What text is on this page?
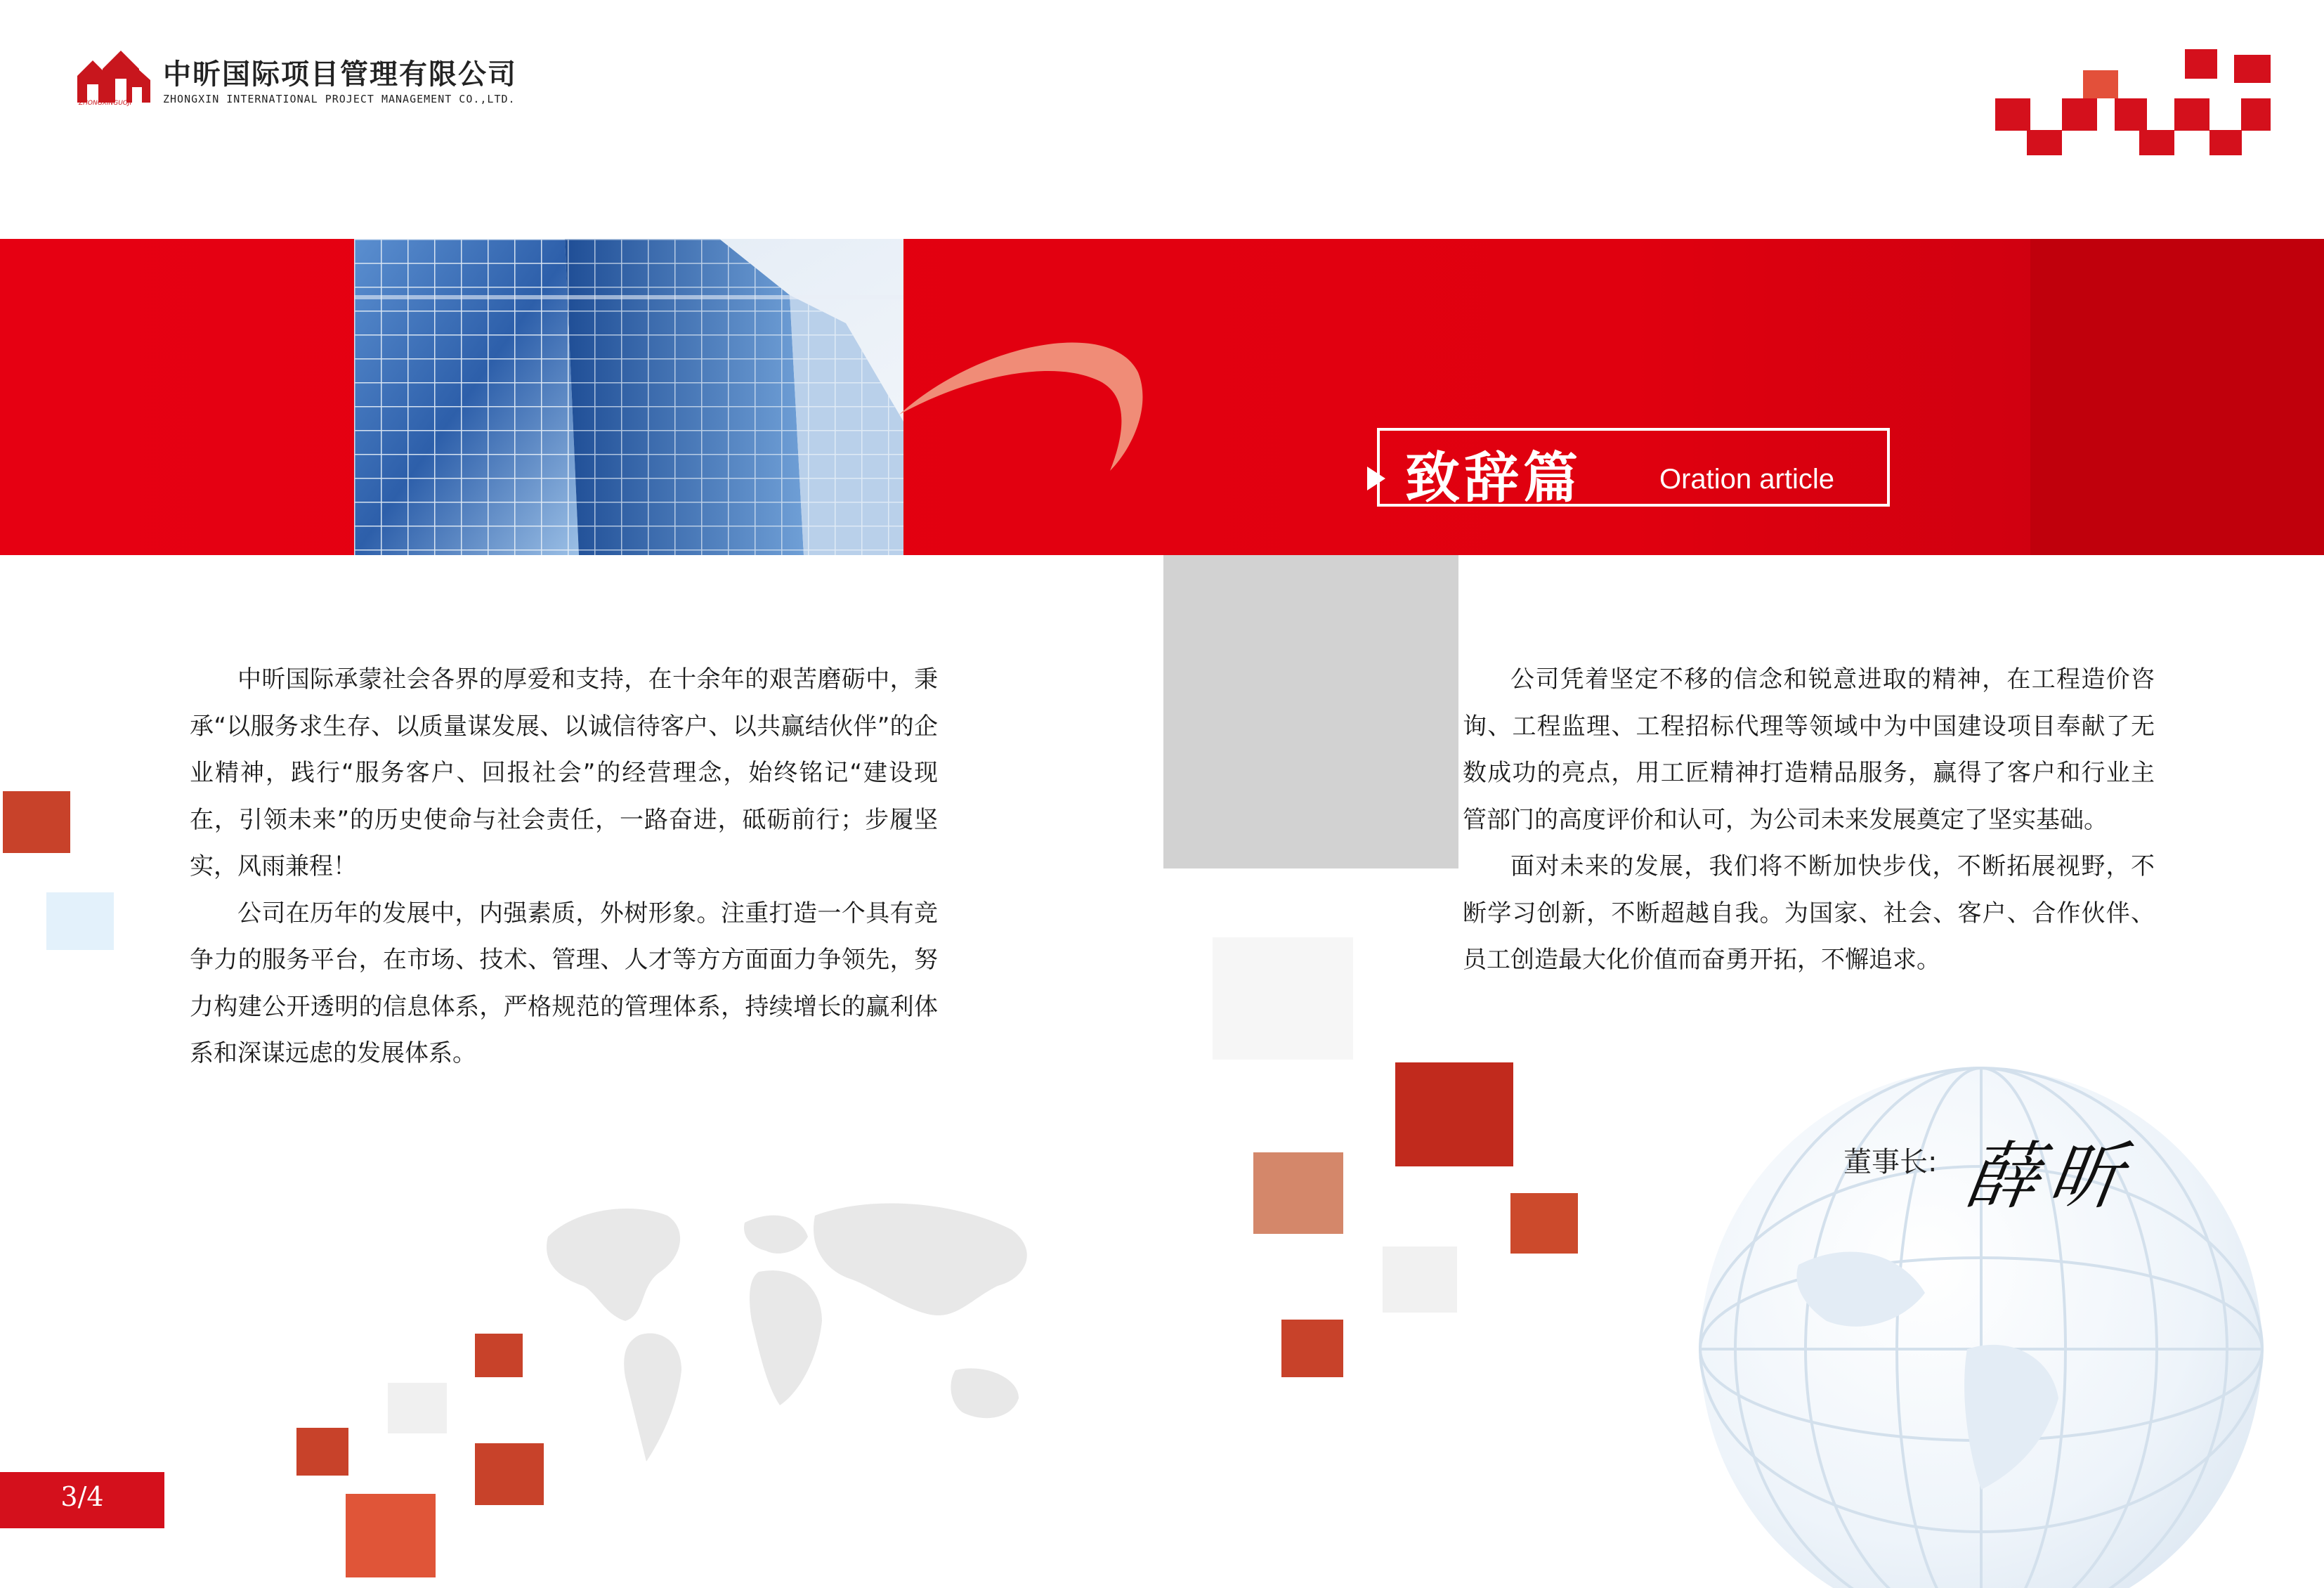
ZHONGXINGUOJI
中昕国际项目管理有限公司
ZHONGXIN INTERNATIONAL PROJECT MANAGEMENT CO.,LTD.
致辞篇	Oration article

中昕国际承蒙社会各界的厚爱和支持，在十余年的艰苦磨砺中，秉承“以服务求生存、以质量谋发展、以诚信待客户、以共赢结伙伴”的企业精神，践行“服务客户、回报社会”的经营理念，始终铭记“建设现在，引领未来”的历史使命与社会责任，一路奋进，砥砺前行；步履坚实，风雨兼程！

公司在历年的发展中，内强素质，外树形象。注重打造一个具有竞争力的服务平台，在市场、技术、管理、人才等方方面面力争领先，努力构建公开透明的信息体系，严格规范的管理体系，持续增长的赢利体系和深谋远虑的发展体系。

公司凭着坚定不移的信念和锐意进取的精神，在工程造价咨询、工程监理、工程招标代理等领域中为中国建设项目奉献了无数成功的亮点，用工匠精神打造精品服务，赢得了客户和行业主管部门的高度评价和认可，为公司未来发展奠定了坚实基础。

面对未来的发展，我们将不断加快步伐，不断拓展视野，不断学习创新，不断超越自我。为国家、社会、客户、合作伙伴、员工创造最大化价值而奋勇开拓，不懈追求。

董事长: 薛昕
3/4
